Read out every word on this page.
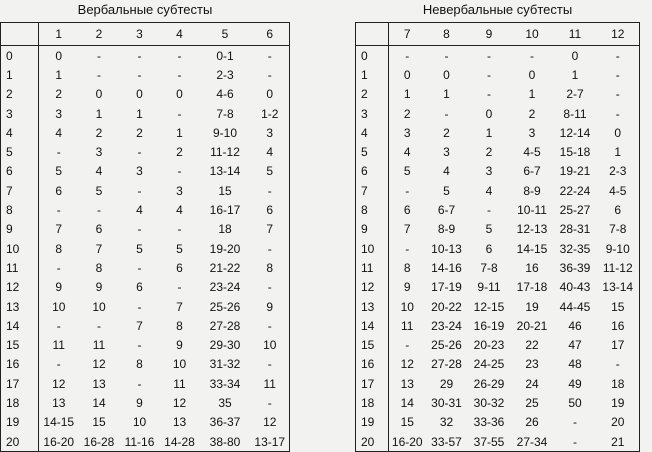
Вербальные субтесты
	1	2	3	4	5	6
0	0	-	-	-	0-1	-
1	1	-	-	-	2-3	-
2	2	0	0	0	4-6	0
3	3	1	1	-	7-8	1-2
4	4	2	2	1	9-10	3
5	-	3	-	2	11-12	4
6	5	4	3	-	13-14	5
7	6	5	-	3	15	-
8	-	-	4	4	16-17	6
9	7	6	-	-	18	7
10	8	7	5	5	19-20	-
11	-	8	-	6	21-22	8
12	9	9	6	-	23-24	-
13	10	10	-	7	25-26	9
14	-	-	7	8	27-28	-
15	11	11	-	9	29-30	10
16	-	12	8	10	31-32	-
17	12	13	-	11	33-34	11
18	13	14	9	12	35	-
19	14-15	15	10	13	36-37	12
20	16-20	16-28	11-16	14-28	38-80	13-17
Невербальные субтесты
	7	8	9	10	11	12
0	-	-	-	-	0	-
1	0	0	-	0	1	-
2	1	1	-	1	2-7	-
3	2	-	0	2	8-11	-
4	3	2	1	3	12-14	0
5	4	3	2	4-5	15-18	1
6	5	4	3	6-7	19-21	2-3
7	-	5	4	8-9	22-24	4-5
8	6	6-7	-	10-11	25-27	6
9	7	8-9	5	12-13	28-31	7-8
10	-	10-13	6	14-15	32-35	9-10
11	8	14-16	7-8	16	36-39	11-12
12	9	17-19	9-11	17-18	40-43	13-14
13	10	20-22	12-15	19	44-45	15
14	11	23-24	16-19	20-21	46	16
15	-	25-26	20-23	22	47	17
16	12	27-28	24-25	23	48	-
17	13	29	26-29	24	49	18
18	14	30-31	30-32	25	50	19
19	15	32	33-36	26	-	20
20	16-20	33-57	37-55	27-34	-	21
